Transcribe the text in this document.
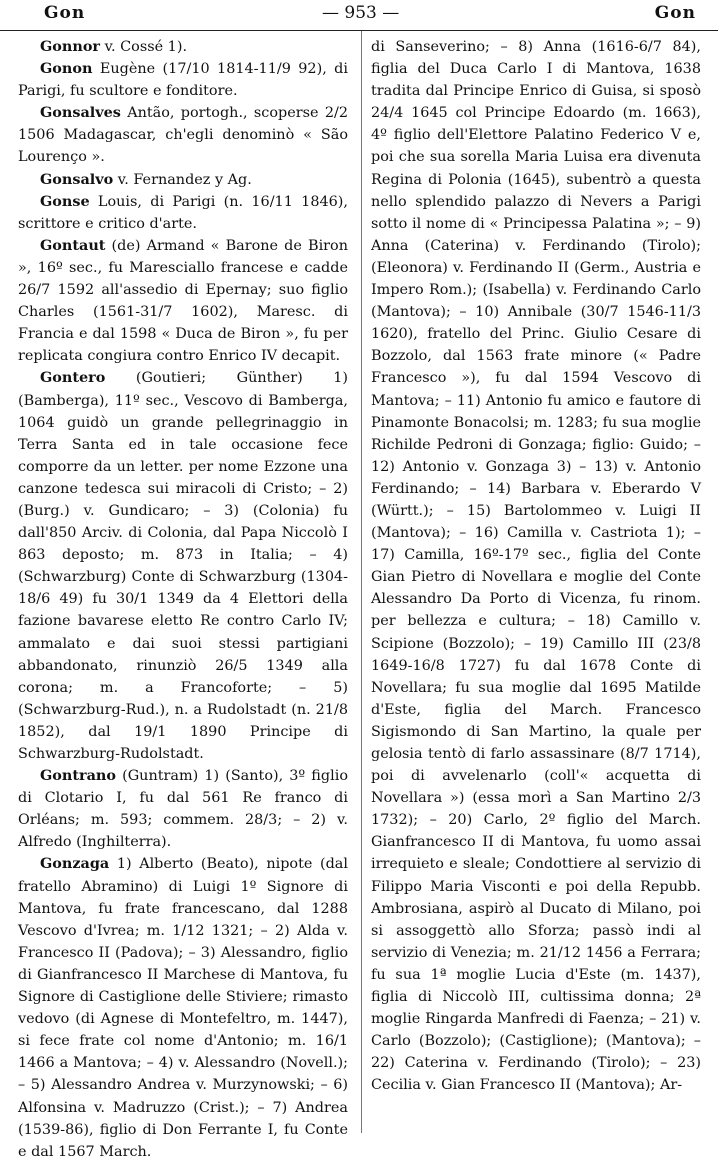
Gon	— 953 —	Gon

Gonnor v. Cossé 1).

Gonon Eugène (17/10 1814-11/9 92), di Parigi, fu scultore e fonditore.

Gonsalves Antão, portogh., scoperse 2/2 1506 Madagascar, ch'egli denominò « São Lourenço ».

Gonsalvo v. Fernandez y Ag.

Gonse Louis, di Parigi (n. 16/11 1846), scrittore e critico d'arte.

Gontaut (de) Armand « Barone de Biron », 16º sec., fu Maresciallo francese e cadde 26/7 1592 all'assedio di Epernay; suo figlio Charles (1561-31/7 1602), Maresc. di Francia e dal 1598 « Duca de Biron », fu per replicata congiura contro Enrico IV decapit.

Gontero (Goutieri; Günther) 1) (Bamberga), 11º sec., Vescovo di Bamberga, 1064 guidò un grande pellegrinaggio in Terra Santa ed in tale occasione fece comporre da un letter. per nome Ezzone una canzone tedesca sui miracoli di Cristo; – 2) (Burg.) v. Gundicaro; – 3) (Colonia) fu dall'850 Arciv. di Colonia, dal Papa Niccolò I 863 deposto; m. 873 in Italia; – 4) (Schwarzburg) Conte di Schwarzburg (1304-18/6 49) fu 30/1 1349 da 4 Elettori della fazione bavarese eletto Re contro Carlo IV; ammalato e dai suoi stessi partigiani abbandonato, rinunziò 26/5 1349 alla corona; m. a Francoforte; – 5) (Schwarzburg-Rud.), n. a Rudolstadt (n. 21/8 1852), dal 19/1 1890 Principe di Schwarzburg-Rudolstadt.

Gontrano (Guntram) 1) (Santo), 3º figlio di Clotario I, fu dal 561 Re franco di Orléans; m. 593; commem. 28/3; – 2) v. Alfredo (Inghilterra).

Gonzaga 1) Alberto (Beato), nipote (dal fratello Abramino) di Luigi 1º Signore di Mantova, fu frate francescano, dal 1288 Vescovo d'Ivrea; m. 1/12 1321; – 2) Alda v. Francesco II (Padova); – 3) Alessandro, figlio di Gianfrancesco II Marchese di Mantova, fu Signore di Castiglione delle Stiviere; rimasto vedovo (di Agnese di Montefeltro, m. 1447), si fece frate col nome d'Antonio; m. 16/1 1466 a Mantova; – 4) v. Alessandro (Novell.); – 5) Alessandro Andrea v. Murzynowski; – 6) Alfonsina v. Madruzzo (Crist.); – 7) Andrea (1539-86), figlio di Don Ferrante I, fu Conte e dal 1567 March.

di Sanseverino; – 8) Anna (1616-6/7 84), figlia del Duca Carlo I di Mantova, 1638 tradita dal Principe Enrico di Guisa, si sposò 24/4 1645 col Principe Edoardo (m. 1663), 4º figlio dell'Elettore Palatino Federico V e, poi che sua sorella Maria Luisa era divenuta Regina di Polonia (1645), subentrò a questa nello splendido palazzo di Nevers a Parigi sotto il nome di « Principessa Palatina »; – 9) Anna (Caterina) v. Ferdinando (Tirolo); (Eleonora) v. Ferdinando II (Germ., Austria e Impero Rom.); (Isabella) v. Ferdinando Carlo (Mantova); – 10) Annibale (30/7 1546-11/3 1620), fratello del Princ. Giulio Cesare di Bozzolo, dal 1563 frate minore (« Padre Francesco »), fu dal 1594 Vescovo di Mantova; – 11) Antonio fu amico e fautore di Pinamonte Bonacolsi; m. 1283; fu sua moglie Richilde Pedroni di Gonzaga; figlio: Guido; – 12) Antonio v. Gonzaga 3) – 13) v. Antonio Ferdinando; – 14) Barbara v. Eberardo V (Württ.); – 15) Bartolommeo v. Luigi II (Mantova); – 16) Camilla v. Castriota 1); – 17) Camilla, 16º-17º sec., figlia del Conte Gian Pietro di Novellara e moglie del Conte Alessandro Da Porto di Vicenza, fu rinom. per bellezza e cultura; – 18) Camillo v. Scipione (Bozzolo); – 19) Camillo III (23/8 1649-16/8 1727) fu dal 1678 Conte di Novellara; fu sua moglie dal 1695 Matilde d'Este, figlia del March. Francesco Sigismondo di San Martino, la quale per gelosia tentò di farlo assassinare (8/7 1714), poi di avvelenarlo (coll'« acquetta di Novellara ») (essa morì a San Martino 2/3 1732); – 20) Carlo, 2º figlio del March. Gianfrancesco II di Mantova, fu uomo assai irrequieto e sleale; Condottiere al servizio di Filippo Maria Visconti e poi della Repubb. Ambrosiana, aspirò al Ducato di Milano, poi si assoggettò allo Sforza; passò indi al servizio di Venezia; m. 21/12 1456 a Ferrara; fu sua 1ª moglie Lucia d'Este (m. 1437), figlia di Niccolò III, cultissima donna; 2ª moglie Ringarda Manfredi di Faenza; – 21) v. Carlo (Bozzolo); (Castiglione); (Mantova); – 22) Caterina v. Ferdinando (Tirolo); – 23) Cecilia v. Gian Francesco II (Mantova); Ar-
